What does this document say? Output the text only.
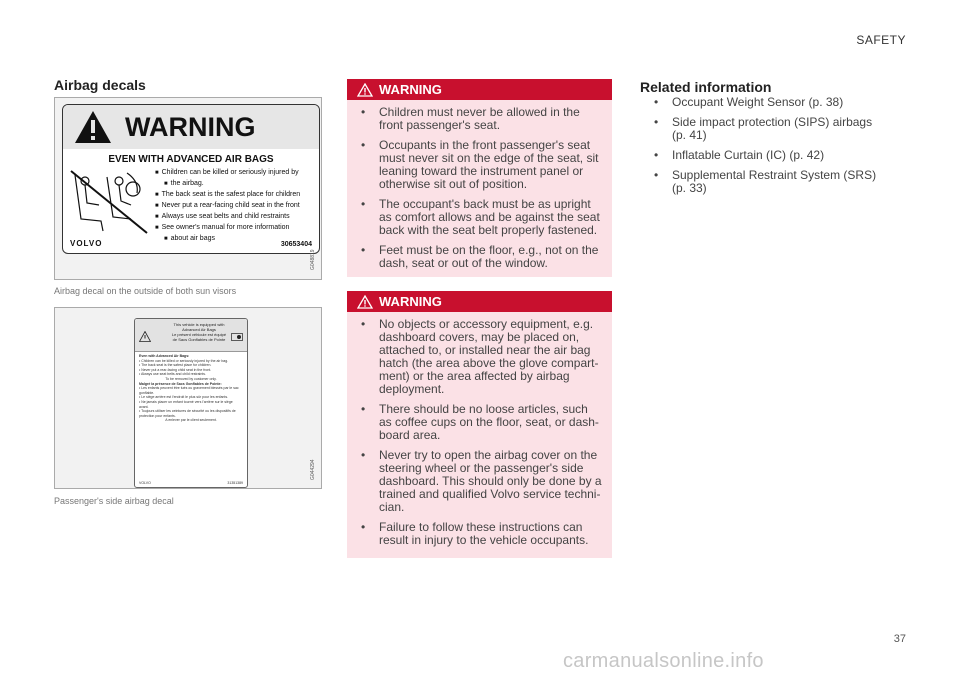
SAFETY
Airbag decals
WARNING
EVEN WITH ADVANCED AIR BAGS
■ Children can be killed or seriously injured by
■ the airbag.
■ The back seat is the safest place for children
■ Never put a rear-facing child seat in the front
■ Always use seat belts and child restraints
■ See owner's manual for more information
■ about air bags
VOLVO	30653404
G048819
Airbag decal on the outside of both sun visors
This vehicle is equipped with
Advanced Air Bags
Le présent véhicule est équipé
de Sacs Gonflables de Pointe

Even with Advanced Air Bags:

• Children can be killed or seriously injured by the air bag.

• The back seat is the safest place for children.

• Never put a rear-facing child seat in the front.

• Always use seat belts and child restraints.

To be removed by customer only.

Malgré la présence de Sacs Gonflables de Pointe:

• Les enfants peuvent être tués ou gravement blessés par le sac gonflable.

• Le siège arrière est l'endroit le plus sûr pour les enfants.

• Ne jamais placer un enfant tourné vers l'arrière sur le siège avant.

• Toujours utiliser les ceintures de sécurité ou les dispositifs de protection pour enfants.

A enlever par le client seulement.

VOLVO	31351389
G044294
Passenger's side airbag decal
WARNING
• Children must never be allowed in the front passenger's seat.
• Occupants in the front passenger's seat must never sit on the edge of the seat, sit leaning toward the instrument panel or otherwise sit out of position.
• The occupant's back must be as upright as comfort allows and be against the seat back with the seat belt properly fastened.
• Feet must be on the floor, e.g., not on the dash, seat or out of the window.
WARNING
• No objects or accessory equipment, e.g. dashboard covers, may be placed on, attached to, or installed near the air bag hatch (the area above the glove compart-ment) or the area affected by airbag deployment.
• There should be no loose articles, such as coffee cups on the floor, seat, or dash-board area.
• Never try to open the airbag cover on the steering wheel or the passenger's side dashboard. This should only be done by a trained and qualified Volvo service techni-cian.
• Failure to follow these instructions can result in injury to the vehicle occupants.
Related information
• Occupant Weight Sensor (p. 38)
• Side impact protection (SIPS) airbags (p. 41)
• Inflatable Curtain (IC) (p. 42)
• Supplemental Restraint System (SRS) (p. 33)
37
carmanualsonline.info
